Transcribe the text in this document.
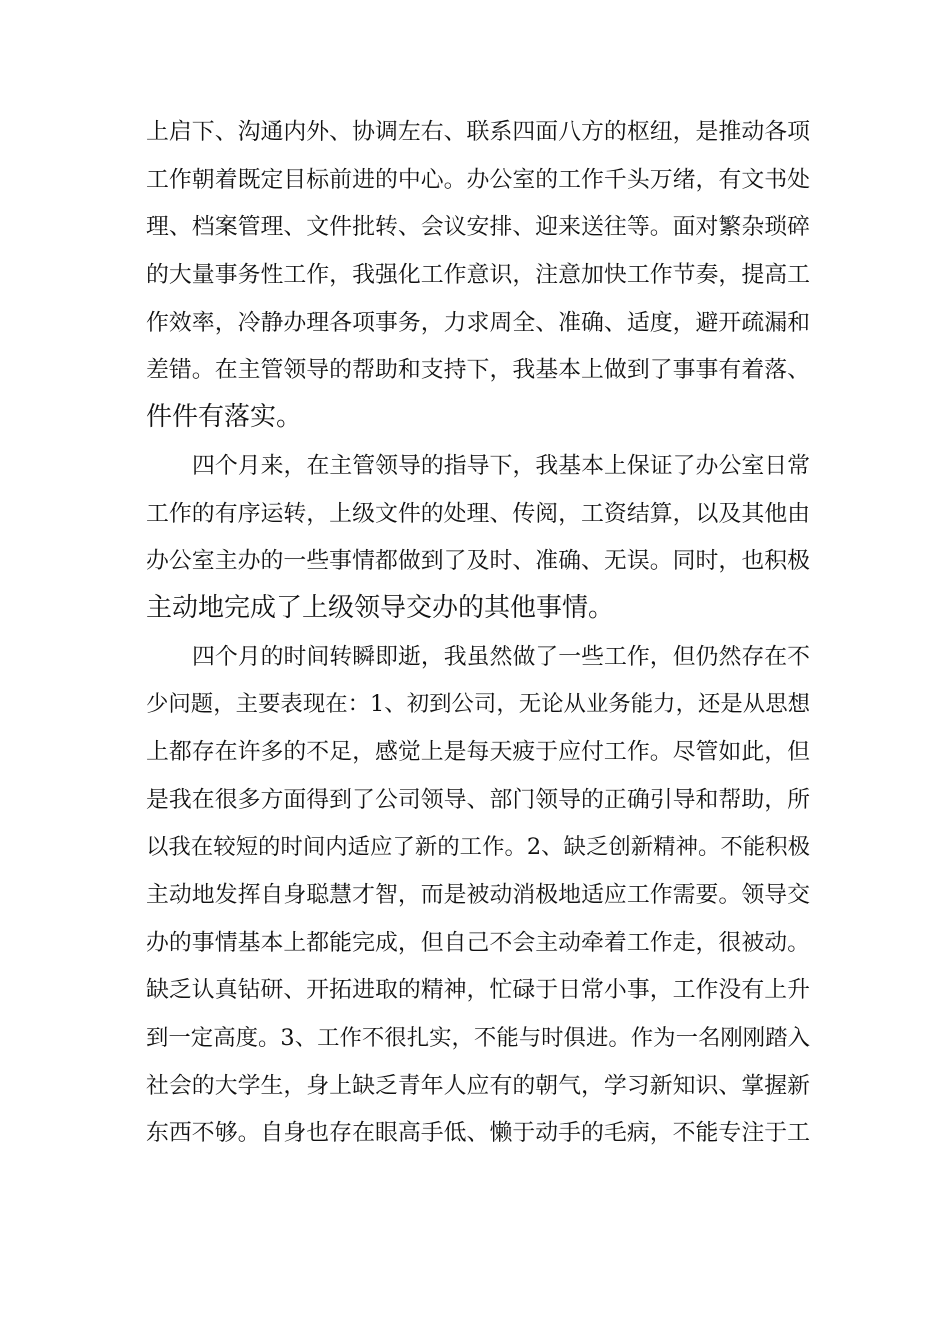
上启下、沟通内外、协调左右、联系四面八方的枢纽，是推动各项
工作朝着既定目标前进的中心。办公室的工作千头万绪，有文书处
理、档案管理、文件批转、会议安排、迎来送往等。面对繁杂琐碎
的大量事务性工作，我强化工作意识，注意加快工作节奏，提高工
作效率，冷静办理各项事务，力求周全、准确、适度，避开疏漏和
差错。在主管领导的帮助和支持下，我基本上做到了事事有着落、
件件有落实。
四个月来，在主管领导的指导下，我基本上保证了办公室日常
工作的有序运转，上级文件的处理、传阅，工资结算，以及其他由
办公室主办的一些事情都做到了及时、准确、无误。同时，也积极
主动地完成了上级领导交办的其他事情。
四个月的时间转瞬即逝，我虽然做了一些工作，但仍然存在不
少问题，主要表现在：1、初到公司，无论从业务能力，还是从思想
上都存在许多的不足，感觉上是每天疲于应付工作。尽管如此，但
是我在很多方面得到了公司领导、部门领导的正确引导和帮助，所
以我在较短的时间内适应了新的工作。2、缺乏创新精神。不能积极
主动地发挥自身聪慧才智，而是被动消极地适应工作需要。领导交
办的事情基本上都能完成，但自己不会主动牵着工作走，很被动。
缺乏认真钻研、开拓进取的精神，忙碌于日常小事，工作没有上升
到一定高度。3、工作不很扎实，不能与时俱进。作为一名刚刚踏入
社会的大学生，身上缺乏青年人应有的朝气，学习新知识、掌握新
东西不够。自身也存在眼高手低、懒于动手的毛病，不能专注于工
